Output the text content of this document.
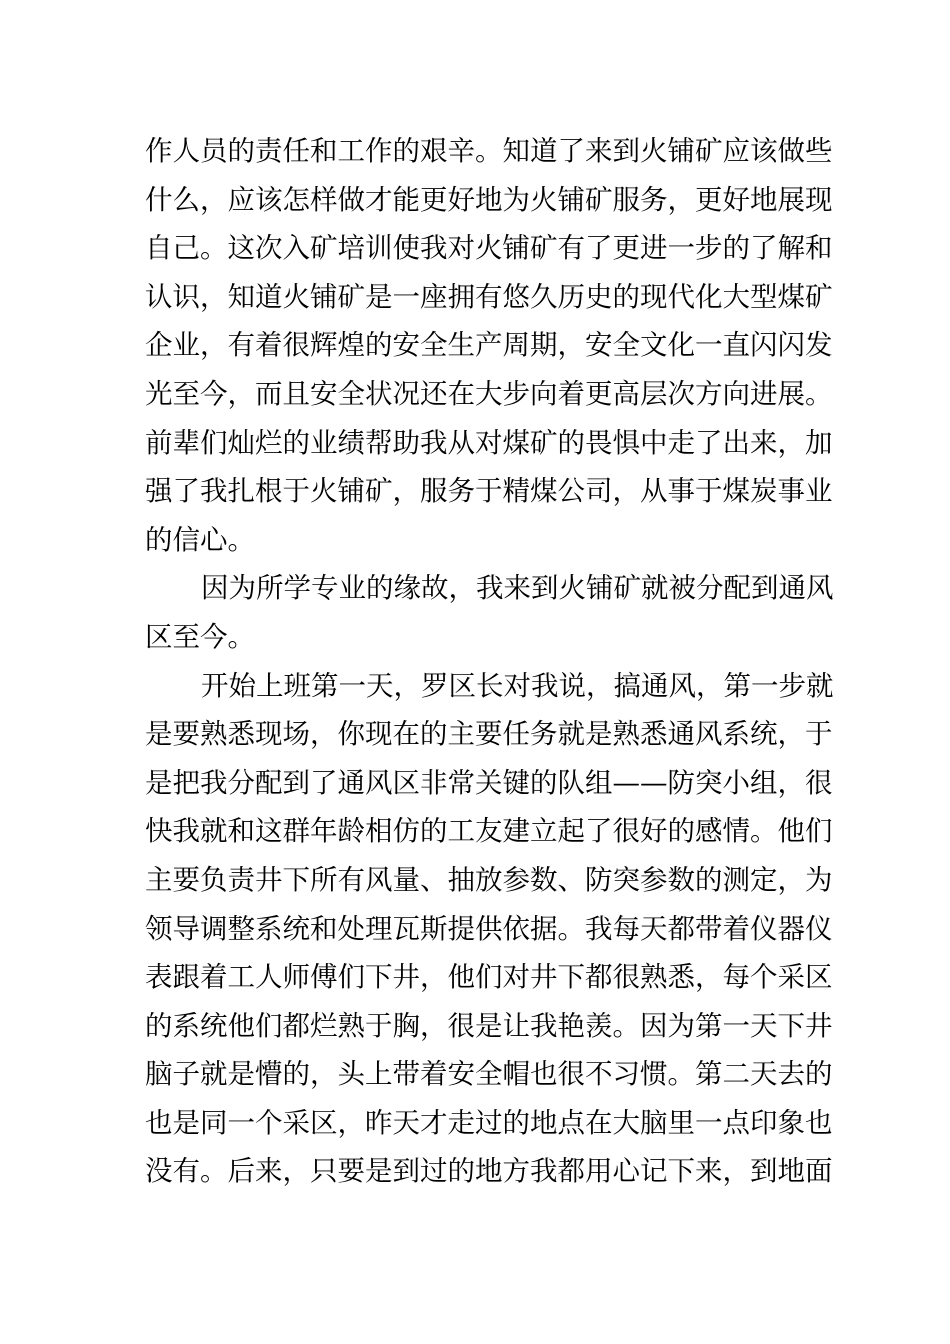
作人员的责任和工作的艰辛。知道了来到火铺矿应该做些
什么，应该怎样做才能更好地为火铺矿服务，更好地展现
自己。这次入矿培训使我对火铺矿有了更进一步的了解和
认识，知道火铺矿是一座拥有悠久历史的现代化大型煤矿
企业，有着很辉煌的安全生产周期，安全文化一直闪闪发
光至今，而且安全状况还在大步向着更高层次方向进展。
前辈们灿烂的业绩帮助我从对煤矿的畏惧中走了出来，加
强了我扎根于火铺矿，服务于精煤公司，从事于煤炭事业
的信心。
因为所学专业的缘故，我来到火铺矿就被分配到通风
区至今。
开始上班第一天，罗区长对我说，搞通风，第一步就
是要熟悉现场，你现在的主要任务就是熟悉通风系统，于
是把我分配到了通风区非常关键的队组——防突小组，很
快我就和这群年龄相仿的工友建立起了很好的感情。他们
主要负责井下所有风量、抽放参数、防突参数的测定，为
领导调整系统和处理瓦斯提供依据。我每天都带着仪器仪
表跟着工人师傅们下井，他们对井下都很熟悉，每个采区
的系统他们都烂熟于胸，很是让我艳羡。因为第一天下井
脑子就是懵的，头上带着安全帽也很不习惯。第二天去的
也是同一个采区，昨天才走过的地点在大脑里一点印象也
没有。后来，只要是到过的地方我都用心记下来，到地面
